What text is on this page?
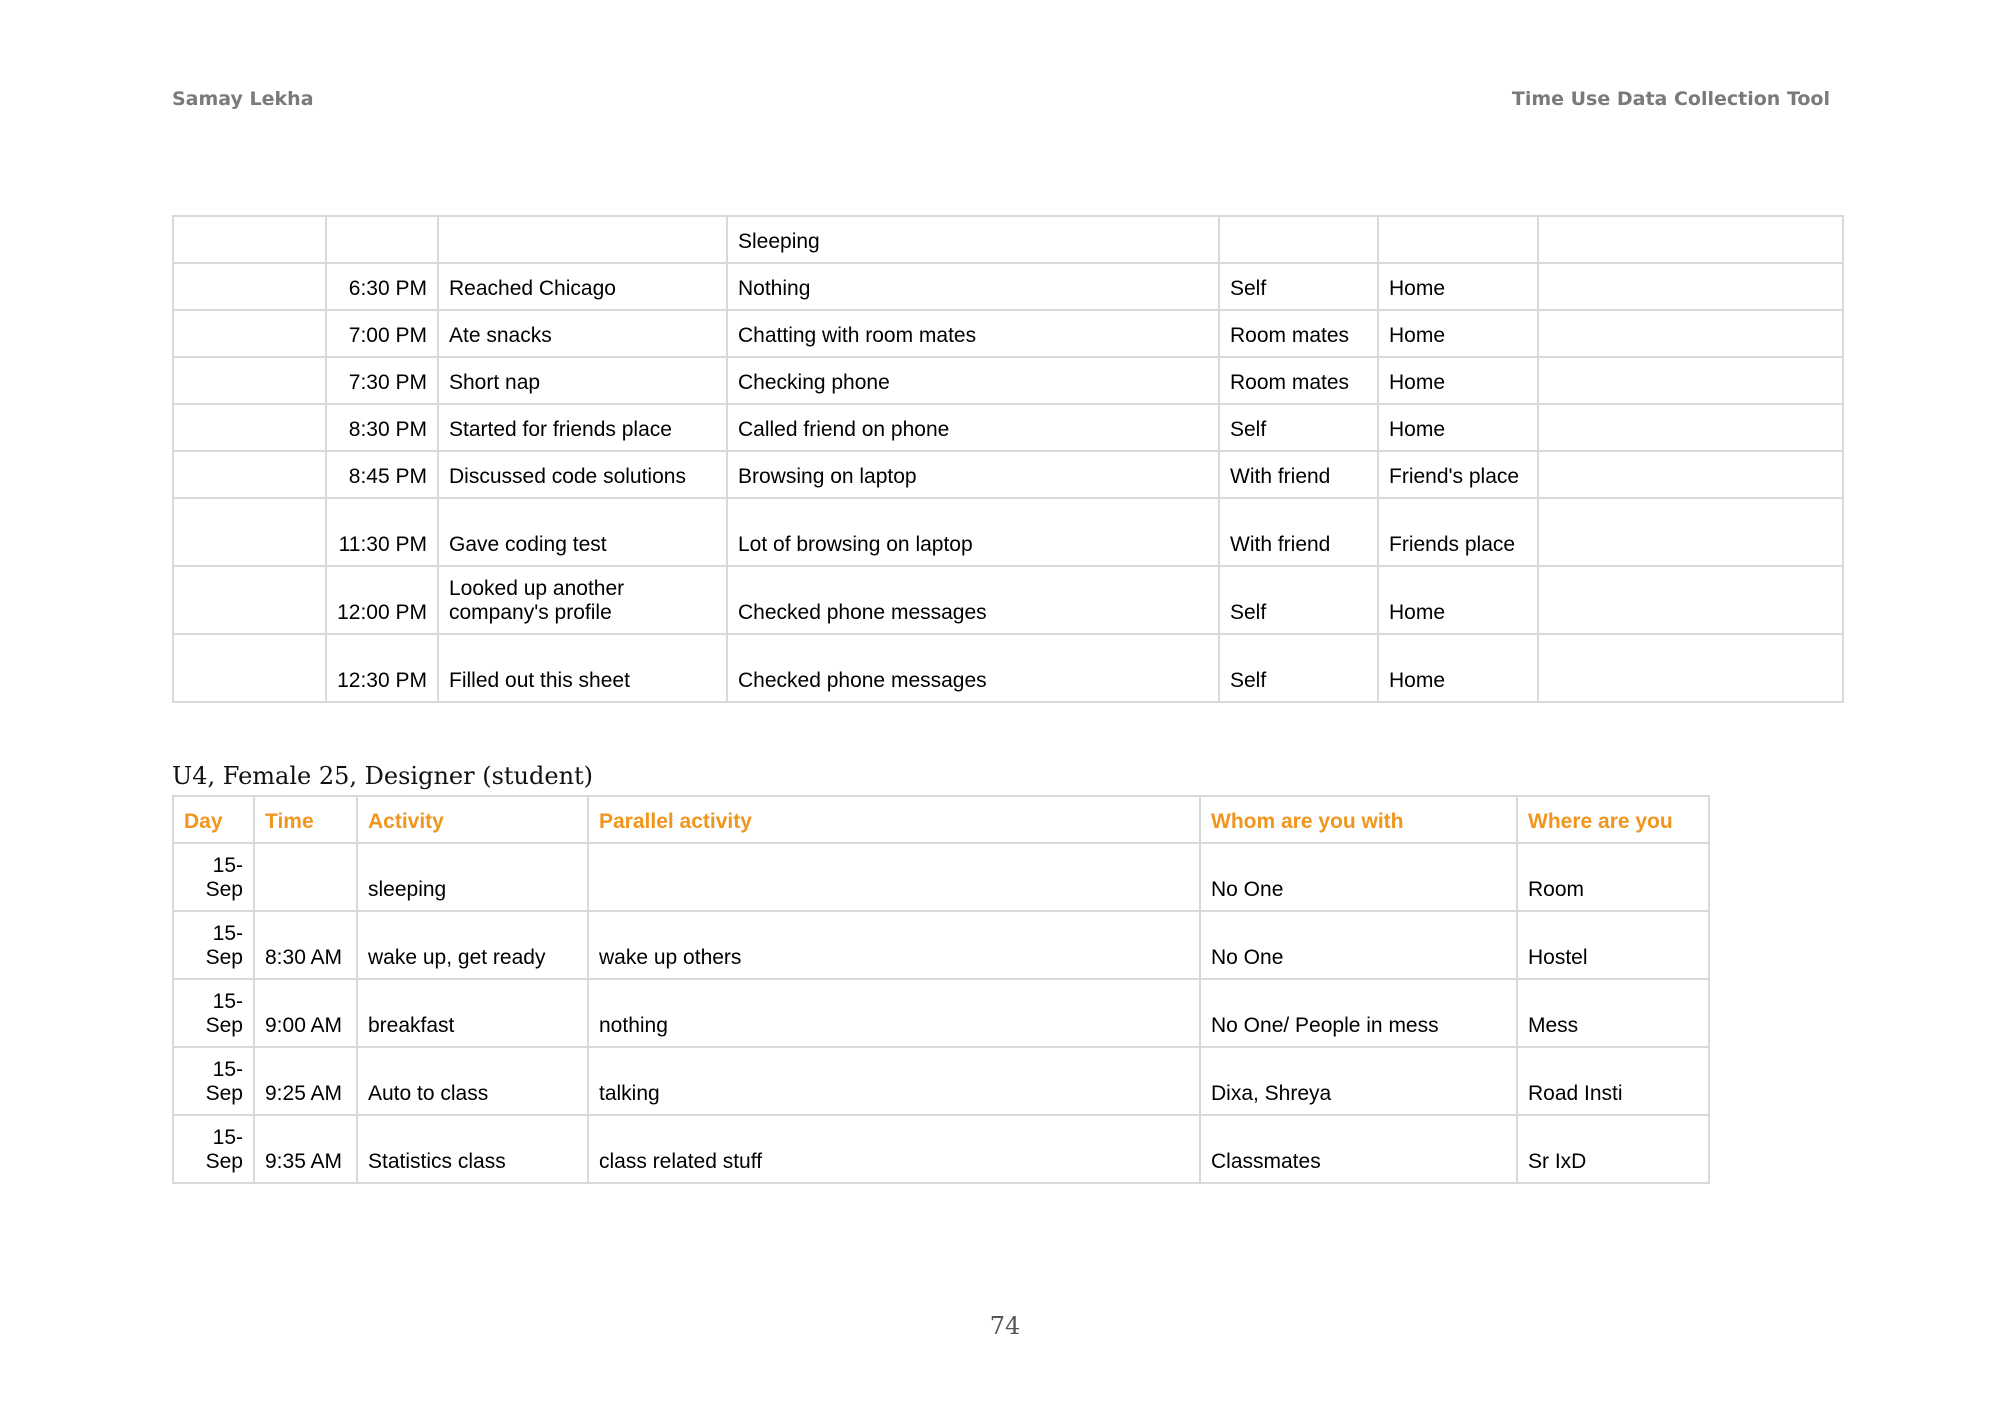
Samay Lekha	Time Use Data Collection Tool
			Sleeping			
	6:30 PM	Reached Chicago	Nothing	Self	Home	
	7:00 PM	Ate snacks	Chatting with room mates	Room mates	Home	
	7:30 PM	Short nap	Checking phone	Room mates	Home	
	8:30 PM	Started for friends place	Called friend on phone	Self	Home	
	8:45 PM	Discussed code solutions	Browsing on laptop	With friend	Friend's place	
	11:30 PM	Gave coding test	Lot of browsing on laptop	With friend	Friends place	
	12:00 PM	Looked up another company's profile	Checked phone messages	Self	Home	
	12:30 PM	Filled out this sheet	Checked phone messages	Self	Home	
U4, Female 25, Designer (student)
Day	Time	Activity	Parallel activity	Whom are you with	Where are you
15-Sep		sleeping		No One	Room
15-Sep	8:30 AM	wake up, get ready	wake up others	No One	Hostel
15-Sep	9:00 AM	breakfast	nothing	No One/ People in mess	Mess
15-Sep	9:25 AM	Auto to class	talking	Dixa, Shreya	Road Insti
15-Sep	9:35 AM	Statistics class	class related stuff	Classmates	Sr IxD
74
